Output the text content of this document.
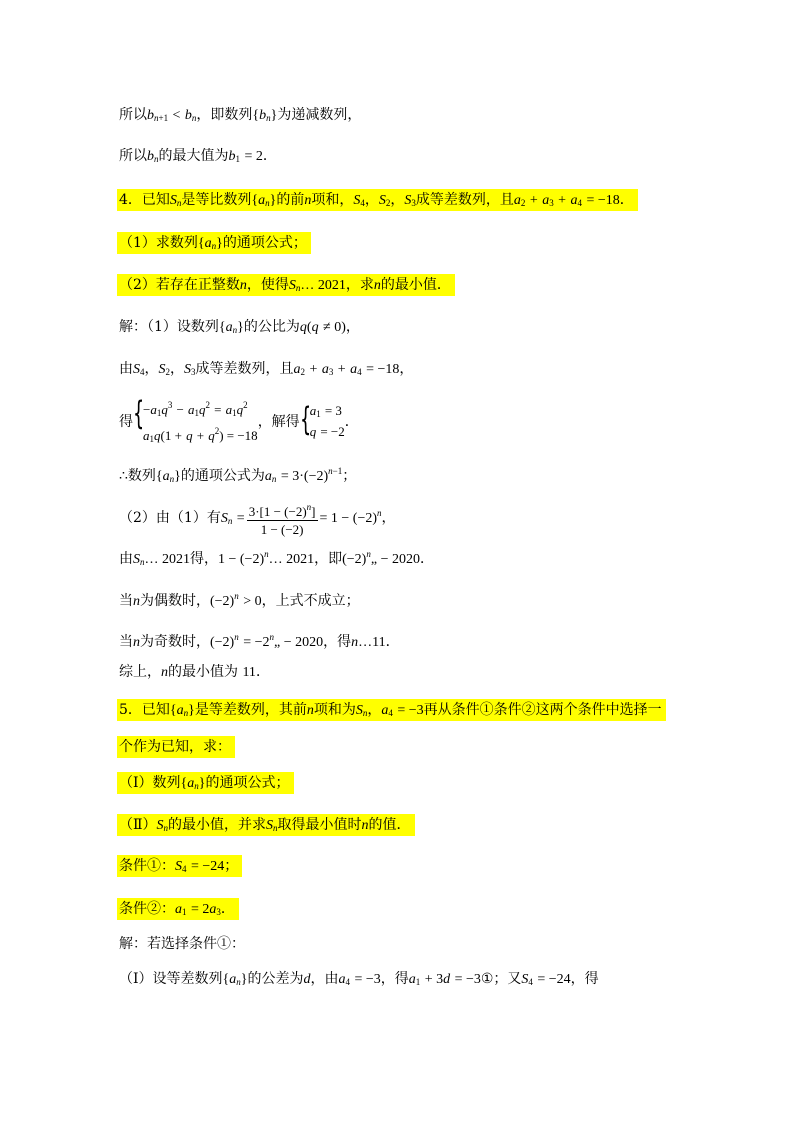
所以$b_{n+1} < b_n$，即数列$\{b_n\}$为递减数列，
所以$b_n$的最大值为$b_1 = 2$．
4．已知$S_n$是等比数列$\{a_n\}$的前n项和，$S_4$，$S_2$，$S_3$成等差数列，且$a_2 + a_3 + a_4 = -18$．
（1）求数列$\{a_n\}$的通项公式；
（2）若存在正整数n，使得$S_n\dots$ 2021，求n的最小值．
解：（1）设数列$\{a_n\}$的公比为q(q ≠ 0)，
由$S_4$，$S_2$，$S_3$成等差数列，且$a_2 + a_3 + a_4 = -18$，
得 {
$-a_1q^3 - a_1q^2 = a_1q^2$
$a_1q(1 + q + q^2) = -18$
，解得 {
$a_1 = 3$
q = −2
．
∴数列$\{a_n\}$的通项公式为$a_n = 3\cdot(-2)^{n-1}$；
（2）由（1）有$S_n = \frac{3\cdot[1 - (-2)^n]}{1 - (-2)} = 1 - (-2)^n$，
由$S_n\dots$ 2021得，$1 - (-2)^n\dots$ 2021，即$(-2)^n„ - 2020$．
当n为偶数时，$(-2)^n > 0$，上式不成立；
当n为奇数时，$(-2)^n$ = $-2^n„ - 2020$，得n…11．
综上，n的最小值为 11．
5．已知$\{a_n\}$是等差数列，其前n项和为$S_n$，$a_4 = -3$再从条件①条件②这两个条件中选择一
个作为已知，求：
（Ⅰ）数列$\{a_n\}$的通项公式；
$(Ⅱ)S_n$的最小值，并求$S_n$取得最小值时n的值．
条件①：$S_4 = -24$；
条件②：$a_1 = 2a_3$．
解：若选择条件①：
（Ⅰ）设等差数列$\{a_n\}$的公差为d，由$a_4 = -3$，得$a_1 + 3d$ = −3①；又$S_4 = -24$，得
